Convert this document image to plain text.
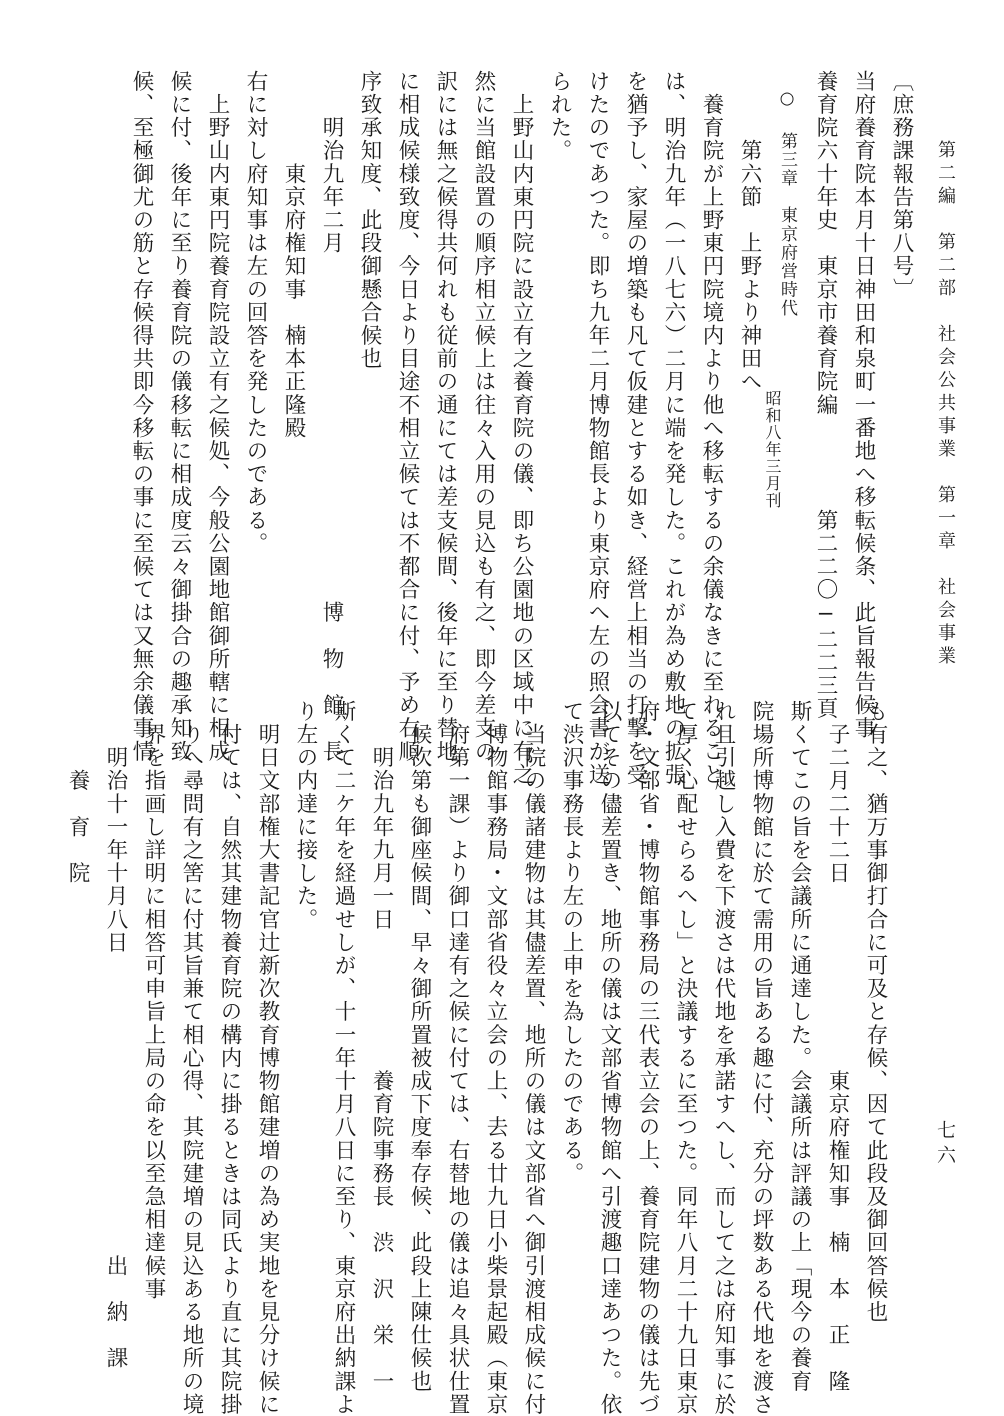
第二編　第二部　社会公共事業　第一章　社会事業
七六
〔庶務課報告第八号〕
当府養育院本月十日神田和泉町一番地へ移転候条、此旨報告候事
養育院六十年史　東京市養育院編　　　　第二二〇−二二三頁
　○ 第三章　東京府営時代
　　　第六節　上野より神田へ
　養育院が上野東円院境内より他へ移転するの余儀なきに至れること
は、明治九年（一八七六）二月に端を発した。これが為め敷地の拡張
を猶予し、家屋の増築も凡て仮建とする如き、経営上相当の打撃を受
けたのであつた。即ち九年二月博物館長より東京府へ左の照会書が送
られた。
　上野山内東円院に設立有之養育院の儀、即ち公園地の区域中に有之
然に当館設置の順序相立候上は往々入用の見込も有之、即今差支の
訳には無之候得共何れも従前の通にては差支候間、後年に至り替地
に相成候様致度、今日より目途不相立候ては不都合に付、予め右順
序致承知度、此段御懸合候也
　　明治九年二月　　　　　　　　　　　　　　　博　物　館　長
　　　　東京府権知事　楠本正隆殿
右に対し府知事は左の回答を発したのである。
　上野山内東円院養育院設立有之候処、今般公園地館御所轄に相成
候に付、後年に至り養育院の儀移転に相成度云々御掛合の趣承知致
候、至極御尤の筋と存候得共即今移転の事に至候ては又無余儀事情	昭和八年三月刊
も有之、猶万事御打合に可及と存候、因て此段及御回答候也
　子二月二十二日　　　　　　　　東京府権知事　楠　本　正　隆
斯くてこの旨を会議所に通達した。会議所は評議の上「現今の養育
院場所博物館に於て需用の旨ある趣に付、充分の坪数ある代地を渡さ
れ且引越し入費を下渡さは代地を承諾すへし、而して之は府知事に於
て厚く心配せらるへし」と決議するに至つた。同年八月二十九日東京
府・文部省・博物館事務局の三代表立会の上、養育院建物の儀は先づ
以てその儘差置き、地所の儀は文部省博物館へ引渡趣口達あつた。依
て渋沢事務長より左の上申を為したのである。
　当院の儀諸建物は其儘差置、地所の儀は文部省へ御引渡相成候に付
　博物館事務局・文部省役々立会の上、去る廿九日小柴景起殿（東京
　府第一課）より御口達有之候に付ては、右替地の儀は追々具状仕置
　候次第も御座候間、早々御所置被成下度奉存候、此段上陳仕候也
　　明治九年九月一日　　　　　　養育院事務長　渋　沢　栄　一
斯くて二ケ年を経過せしが、十一年十月八日に至り、東京府出納課よ
り左の内達に接した。
　明日文部権大書記官辻新次教育博物館建増の為め実地を見分け候に
　付ては、自然其建物養育院の構内に掛るときは同氏より直に其院掛
　りへ尋問有之筈に付其旨兼て相心得、其院建増の見込ある地所の境
　界を指画し詳明に相答可申旨上局の命を以至急相達候事
　　明治十一年十月八日　　　　　　　　　　　　　出　納　課
　　　養　育　院
